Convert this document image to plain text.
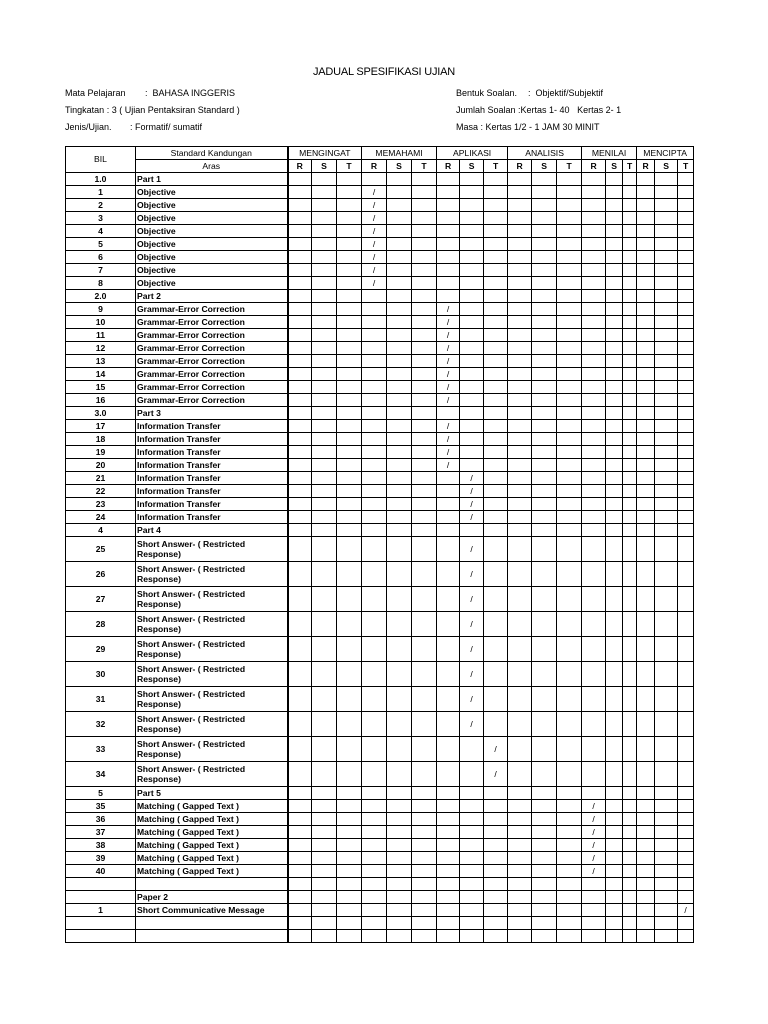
JADUAL SPESIFIKASI UJIAN
Mata Pelajaran :  BAHASA INGGERIS
Tingkatan : 3 ( Ujian Pentaksiran Standard )
Jenis/Ujian. : Formatif/ sumatif
Bentuk Soalan. :  Objektif/Subjektif
Jumlah Soalan :Kertas 1- 40   Kertas 2- 1
Masa : Kertas 1/2 - 1 JAM 30 MINIT
BIL	Standard Kandungan	MENGINGAT			MEMAHAMI			APLIKASI			ANALISIS			MENILAI			MENCIPTA		
	Aras	R	S	T	R	S	T	R	S	T	R	S	T	R	S	T	R	S	T
1.0	Part 1																		
1	Objective				/														
2	Objective				/														
3	Objective				/														
4	Objective				/														
5	Objective				/														
6	Objective				/														
7	Objective				/														
8	Objective				/														
2.0	Part 2																		
9	Grammar-Error Correction							/											
10	Grammar-Error Correction							/											
11	Grammar-Error Correction							/											
12	Grammar-Error Correction							/											
13	Grammar-Error Correction							/											
14	Grammar-Error Correction							/											
15	Grammar-Error Correction							/											
16	Grammar-Error Correction							/											
3.0	Part 3																		
17	Information Transfer							/											
18	Information Transfer							/											
19	Information Transfer							/											
20	Information Transfer							/											
21	Information Transfer								/										
22	Information Transfer								/										
23	Information Transfer								/										
24	Information Transfer								/										
4	Part 4																		
25	Short Answer- ( Restricted Response)								/										
26	Short Answer- ( Restricted Response)								/										
27	Short Answer- ( Restricted Response)								/										
28	Short Answer- ( Restricted Response)								/										
29	Short Answer- ( Restricted Response)								/										
30	Short Answer- ( Restricted Response)								/										
31	Short Answer- ( Restricted Response)								/										
32	Short Answer- ( Restricted Response)								/										
33	Short Answer- ( Restricted Response)									/									
34	Short Answer- ( Restricted Response)									/									
5	Part 5																		
35	Matching ( Gapped Text )													/					
36	Matching ( Gapped Text )													/					
37	Matching ( Gapped Text )													/					
38	Matching ( Gapped Text )													/					
39	Matching ( Gapped Text )													/					
40	Matching ( Gapped Text )													/					

	Paper 2																		
1	Short Communicative Message																		/
